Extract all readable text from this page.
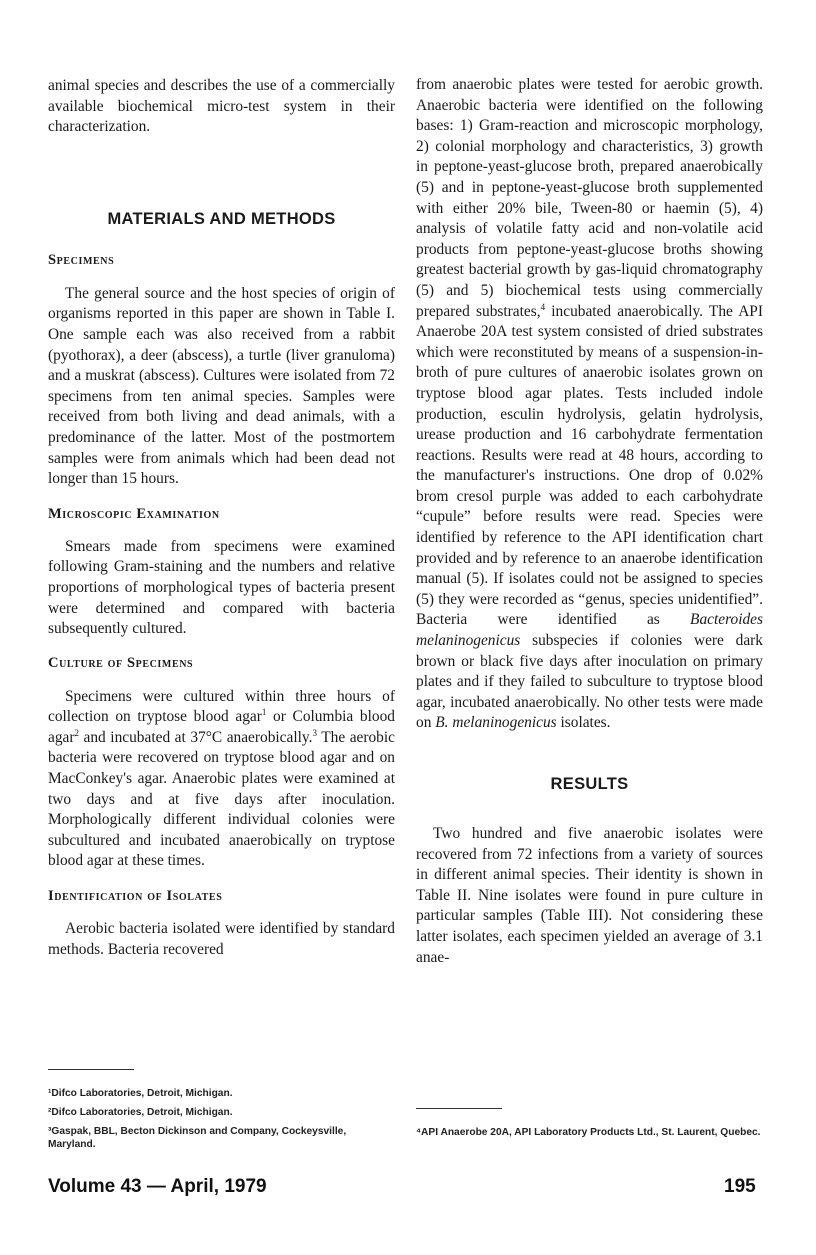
animal species and describes the use of a commercially available biochemical micro-test system in their characterization.

MATERIALS AND METHODS
Specimens

The general source and the host species of origin of organisms reported in this paper are shown in Table I. One sample each was also received from a rabbit (pyothorax), a deer (abscess), a turtle (liver granuloma) and a muskrat (abscess). Cultures were isolated from 72 specimens from ten animal species. Samples were received from both living and dead animals, with a predominance of the latter. Most of the postmortem samples were from animals which had been dead not longer than 15 hours.

Microscopic Examination

Smears made from specimens were examined following Gram-staining and the numbers and relative proportions of morphological types of bacteria present were determined and compared with bacteria subsequently cultured.

Culture of Specimens

Specimens were cultured within three hours of collection on tryptose blood agar$^1$ or Columbia blood agar$^2$ and incubated at 37°C anaerobically.$^3$ The aerobic bacteria were recovered on tryptose blood agar and on MacConkey's agar. Anaerobic plates were examined at two days and at five days after inoculation. Morphologically different individual colonies were subcultured and incubated anaerobically on tryptose blood agar at these times.

Identification of Isolates

Aerobic bacteria isolated were identified by standard methods. Bacteria recovered

from anaerobic plates were tested for aerobic growth. Anaerobic bacteria were identified on the following bases: 1) Gram-reaction and microscopic morphology, 2) colonial morphology and characteristics, 3) growth in peptone-yeast-glucose broth, prepared anaerobically (5) and in peptone-yeast-glucose broth supplemented with either 20% bile, Tween-80 or haemin (5), 4) analysis of volatile fatty acid and non-volatile acid products from peptone-yeast-glucose broths showing greatest bacterial growth by gas-liquid chromatography (5) and 5) biochemical tests using commercially prepared substrates,$^4$ incubated anaerobically. The API Anaerobe 20A test system consisted of dried substrates which were reconstituted by means of a suspension-in-broth of pure cultures of anaerobic isolates grown on tryptose blood agar plates. Tests included indole production, esculin hydrolysis, gelatin hydrolysis, urease production and 16 carbohydrate fermentation reactions. Results were read at 48 hours, according to the manufacturer's instructions. One drop of 0.02% brom cresol purple was added to each carbohydrate “cupule” before results were read. Species were identified by reference to the API identification chart provided and by reference to an anaerobe identification manual (5). If isolates could not be assigned to species (5) they were recorded as “genus, species unidentified”. Bacteria were identified as Bacteroides melaninogenicus subspecies if colonies were dark brown or black five days after inoculation on primary plates and if they failed to subculture to tryptose blood agar, incubated anaerobically. No other tests were made on B. melaninogenicus isolates.

RESULTS

Two hundred and five anaerobic isolates were recovered from 72 infections from a variety of sources in different animal species. Their identity is shown in Table II. Nine isolates were found in pure culture in particular samples (Table III). Not considering these latter isolates, each specimen yielded an average of 3.1 anae-

¹Difco Laboratories, Detroit, Michigan.
²Difco Laboratories, Detroit, Michigan.
³Gaspak, BBL, Becton Dickinson and Company, Cockeysville, Maryland.
⁴API Anaerobe 20A, API Laboratory Products Ltd., St. Laurent, Quebec.
Volume 43 — April, 1979	195
